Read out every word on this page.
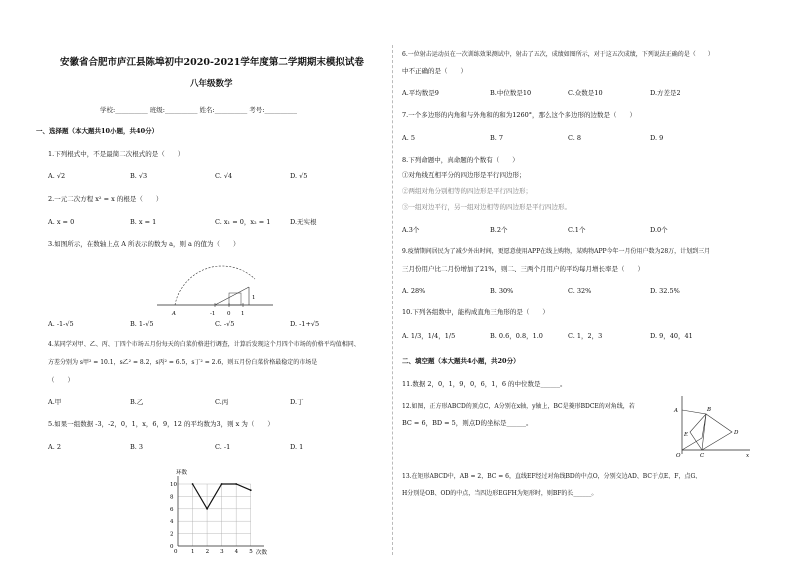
安徽省合肥市庐江县陈埠初中2020-2021学年度第二学期期末模拟试卷
八年级数学
学校:__________ 班级:__________ 姓名:__________ 考号:__________
一、选择题（本大题共10小题，共40分）
1.下列根式中，不是最简二次根式的是（　　）
A. √2	B. √3	C. √4	D. √5
2.一元二次方程 x² = x 的根是（　　）
A. x = 0	B. x = 1	C. x₁ = 0，x₂ = 1	D.无实根
3.如图所示，在数轴上点 A 所表示的数为 a，则 a 的值为（　　）
A	-1 0 1
1
A. -1-√5	B. 1-√5	C. -√5	D. -1+√5
4.某同学对甲、乙、丙、丁四个市场五月份每天的白菜价格进行调查，计算后发现这个月四个市场的价格平均值相同、
方差分别为 s甲² = 10.1，s乙² = 8.2，s丙² = 6.5，s丁² = 2.6，则五月份白菜价格最稳定的市场是
（　　）
A.甲	B.乙	C.丙	D.丁
5.如果一组数据 -3，-2，0，1，x，6，9，12 的平均数为3，则 x 为（　　）
A. 2	B. 3	C. -1	D. 1
10
8
6
4
2
0
1 2 3 4 5
0
环数
次数
6.一位射击运动员在一次训练效果测试中，射击了五次，成绩如图所示，对于这五次成绩，下列说法正确的是（　　）
中不正确的是（　　）
A.平均数是9	B.中位数是10	C.众数是10	D.方差是2
7.一个多边形的内角和与外角和的和为1260°，那么这个多边形的边数是（　　）
A. 5	B. 7	C. 8	D. 9
8.下列命题中，真命题的个数有（　　）
①对角线互相平分的四边形是平行四边形；
②两组对角分别相等的四边形是平行四边形；
③一组对边平行，另一组对边相等的四边形是平行四边形。
A.3个	B.2个	C.1个	D.0个
9.疫情期间居民为了减少外出时间，更愿意使用APP在线上购物，某购物APP今年一月份用户数为28万，计划到三月
三月份用户比二月份增加了21%，则二、三两个月用户的平均每月增长率是（　　）
A. 28%	B. 30%	C. 32%	D. 32.5%
10.下列各组数中，能构成直角三角形的是（　　）
A. 1/3，1/4，1/5	B. 0.6，0.8，1.0	C. 1，2，3	D. 9，40，41
二、填空题（本大题共4小题，共20分）
11.数据 2，0，1，9，0，6，1，6 的中位数是______。
12.如图，正方形ABCD的顶点C，A分别在x轴，y轴上，BC是菱形BDCE的对角线，若
BC = 6，BD = 5，则点D的坐标是______。
A	B
E	D
O	C	x
13.在矩形ABCD中，AB = 2，BC = 6，直线EF经过对角线BD的中点O，分别交边AD、BC于点E、F，点G、
H分别是OB、OD的中点，当四边形EGFH为矩形时，则BF的长______。
